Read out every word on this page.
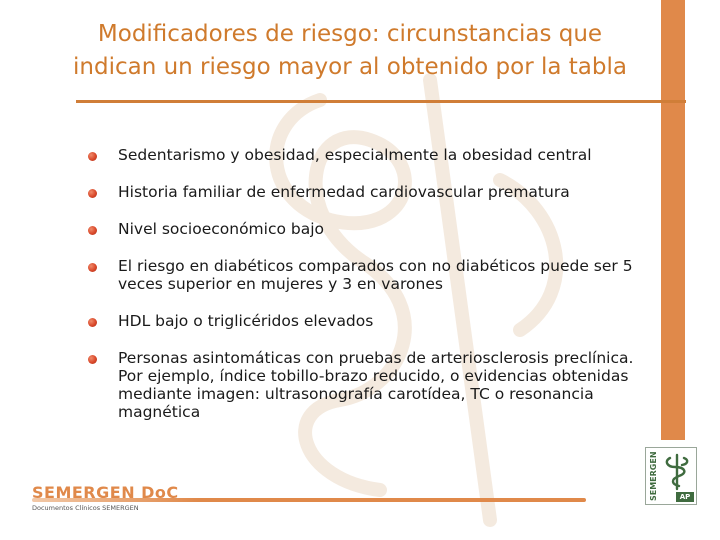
Modificadores de riesgo: circunstancias que
indican un riesgo mayor al obtenido por la tabla
Sedentarismo y obesidad, especialmente la obesidad central
Historia familiar de enfermedad cardiovascular prematura
Nivel socioeconómico bajo
El riesgo en diabéticos comparados con no diabéticos puede ser 5
veces superior en mujeres y 3 en varones
HDL bajo o triglicéridos elevados
Personas asintomáticas con pruebas de arteriosclerosis preclínica.
Por ejemplo, índice tobillo-brazo reducido, o evidencias obtenidas
mediante imagen: ultrasonografía carotídea, TC o resonancia
magnética
SEMERGEN DoC
Documentos Clínicos SEMERGEN
SEMERGEN	AP
